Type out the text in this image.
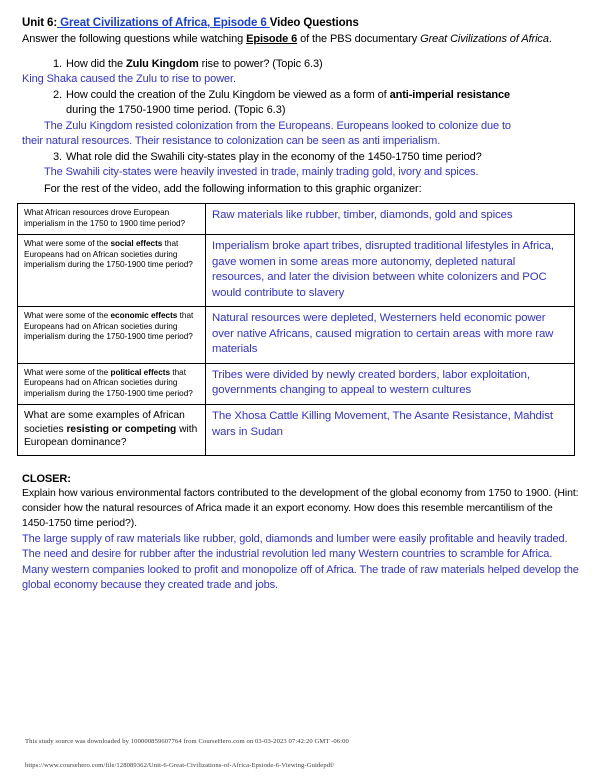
Unit 6: Great Civilizations of Africa, Episode 6 Video Questions

Answer the following questions while watching Episode 6 of the PBS documentary Great Civilizations of Africa.

1. How did the Zulu Kingdom rise to power? (Topic 6.3)
King Shaka caused the Zulu to rise to power.
2. How could the creation of the Zulu Kingdom be viewed as a form of anti-imperial resistance
during the 1750-1900 time period. (Topic 6.3)
The Zulu Kingdom resisted colonization from the Europeans. Europeans looked to colonize due to
their natural resources. Their resistance to colonization can be seen as anti imperialism.
3. What role did the Swahili city-states play in the economy of the 1450-1750 time period?
The Swahili city-states were heavily invested in trade, mainly trading gold, ivory and spices.
For the rest of the video, add the following information to this graphic organizer:
What African resources drove European imperialism in the 1750 to 1900 time period?	Raw materials like rubber, timber, diamonds, gold and spices
What were some of the social effects that Europeans had on African societies during imperialism during the 1750-1900 time period?	Imperialism broke apart tribes, disrupted traditional lifestyles in Africa, gave women in some areas more autonomy, depleted natural resources, and later the division between white colonizers and POC would contribute to slavery
What were some of the economic effects that Europeans had on African societies during imperialism during the 1750-1900 time period?	Natural resources were depleted, Westerners held economic power over native Africans, caused migration to certain areas with more raw materials
What were some of the political effects that Europeans had on African societies during imperialism during the 1750-1900 time period?	Tribes were divided by newly created borders, labor exploitation, governments changing to appeal to western cultures
What are some examples of African societies resisting or competing with European dominance?	The Xhosa Cattle Killing Movement, The Asante Resistance, Mahdist wars in Sudan
CLOSER:

Explain how various environmental factors contributed to the development of the global economy from 1750 to 1900. (Hint: consider how the natural resources of Africa made it an export economy. How does this resemble mercantilism of the 1450-1750 time period?).

The large supply of raw materials like rubber, gold, diamonds and lumber were easily profitable and heavily traded. The need and desire for rubber after the industrial revolution led many Western countries to scramble for Africa. Many western companies looked to profit and monopolize off of Africa. The trade of raw materials helped develop the global economy because they created trade and jobs.

This study source was downloaded by 100000859607764 from CourseHero.com on 03-03-2023 07:42:20 GMT -06:00
https://www.coursehero.com/file/128089362/Unit-6-Great-Civilizations-of-Africa-Epsiode-6-Viewing-Guidepdf/
